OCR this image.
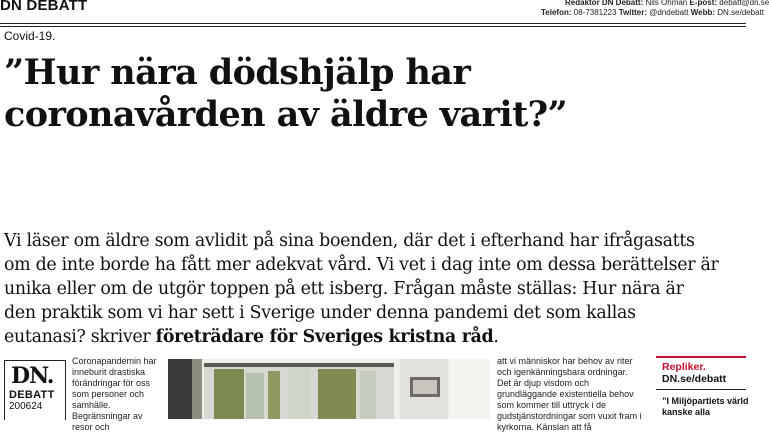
DN DEBATT	Redaktör DN Debatt: Nils Öhman E-post: debatt@dn.se
Telefon: 08-7381223 Twitter: @dndebatt Webb: DN.se/debatt
Covid-19.
”Hur nära dödshjälp har
coronavården av äldre varit?”

Vi läser om äldre som avlidit på sina boenden, där det i efterhand har ifrågasatts om de inte borde ha fått mer adekvat vård. Vi vet i dag inte om dessa berättelser är unika eller om de utgör toppen på ett isberg. Frågan måste ställas: Hur nära är den praktik som vi har sett i Sverige under denna pandemi det som kallas eutanasi? skriver företrädare för Sveriges kristna råd.

DN.
DEBATT
200624
Coronapandemin har inneburit drastiska förändringar för oss som personer och samhälle. Begränsningar av resor och
att vi människor har behov av riter och igenkänningsbara ordningar. Det är djup visdom och grundläggande existentiella behov som kommer till uttryck i de gudstjänstordningar som vuxit fram i kyrkorna. Känslan att få
Repliker.
DN.se/debatt
”I Miljöpartiets värld kanske alla
